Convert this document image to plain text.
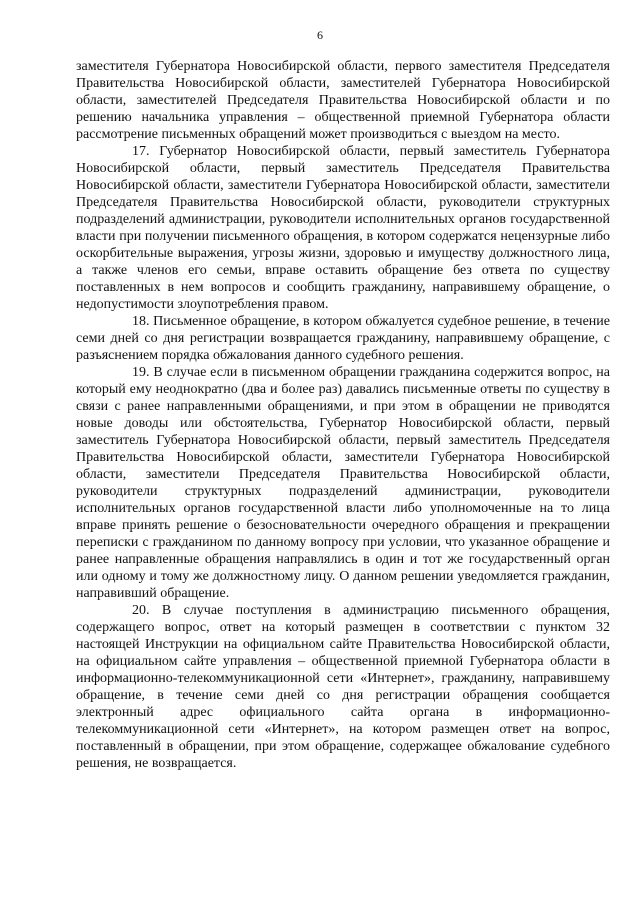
6

заместителя Губернатора Новосибирской области, первого заместителя Председателя Правительства Новосибирской области, заместителей Губернатора Новосибирской области, заместителей Председателя Правительства Новосибирской области и по решению начальника управления – общественной приемной Губернатора области рассмотрение письменных обращений может производиться с выездом на место.

17. Губернатор Новосибирской области, первый заместитель Губернатора Новосибирской области, первый заместитель Председателя Правительства Новосибирской области, заместители Губернатора Новосибирской области, заместители Председателя Правительства Новосибирской области, руководители структурных подразделений администрации, руководители исполнительных органов государственной власти при получении письменного обращения, в котором содержатся нецензурные либо оскорбительные выражения, угрозы жизни, здоровью и имуществу должностного лица, а также членов его семьи, вправе оставить обращение без ответа по существу поставленных в нем вопросов и сообщить гражданину, направившему обращение, о недопустимости злоупотребления правом.

18. Письменное обращение, в котором обжалуется судебное решение, в течение семи дней со дня регистрации возвращается гражданину, направившему обращение, с разъяснением порядка обжалования данного судебного решения.

19. В случае если в письменном обращении гражданина содержится вопрос, на который ему неоднократно (два и более раз) давались письменные ответы по существу в связи с ранее направленными обращениями, и при этом в обращении не приводятся новые доводы или обстоятельства, Губернатор Новосибирской области, первый заместитель Губернатора Новосибирской области, первый заместитель Председателя Правительства Новосибирской области, заместители Губернатора Новосибирской области, заместители Председателя Правительства Новосибирской области, руководители структурных подразделений администрации, руководители исполнительных органов государственной власти либо уполномоченные на то лица вправе принять решение о безосновательности очередного обращения и прекращении переписки с гражданином по данному вопросу при условии, что указанное обращение и ранее направленные обращения направлялись в один и тот же государственный орган или одному и тому же должностному лицу. О данном решении уведомляется гражданин, направивший обращение.

20. В случае поступления в администрацию письменного обращения, содержащего вопрос, ответ на который размещен в соответствии с пунктом 32 настоящей Инструкции на официальном сайте Правительства Новосибирской области, на официальном сайте управления – общественной приемной Губернатора области в информационно-телекоммуникационной сети «Интернет», гражданину, направившему обращение, в течение семи дней со дня регистрации обращения сообщается электронный адрес официального сайта органа в информационно-телекоммуникационной сети «Интернет», на котором размещен ответ на вопрос, поставленный в обращении, при этом обращение, содержащее обжалование судебного решения, не возвращается.
